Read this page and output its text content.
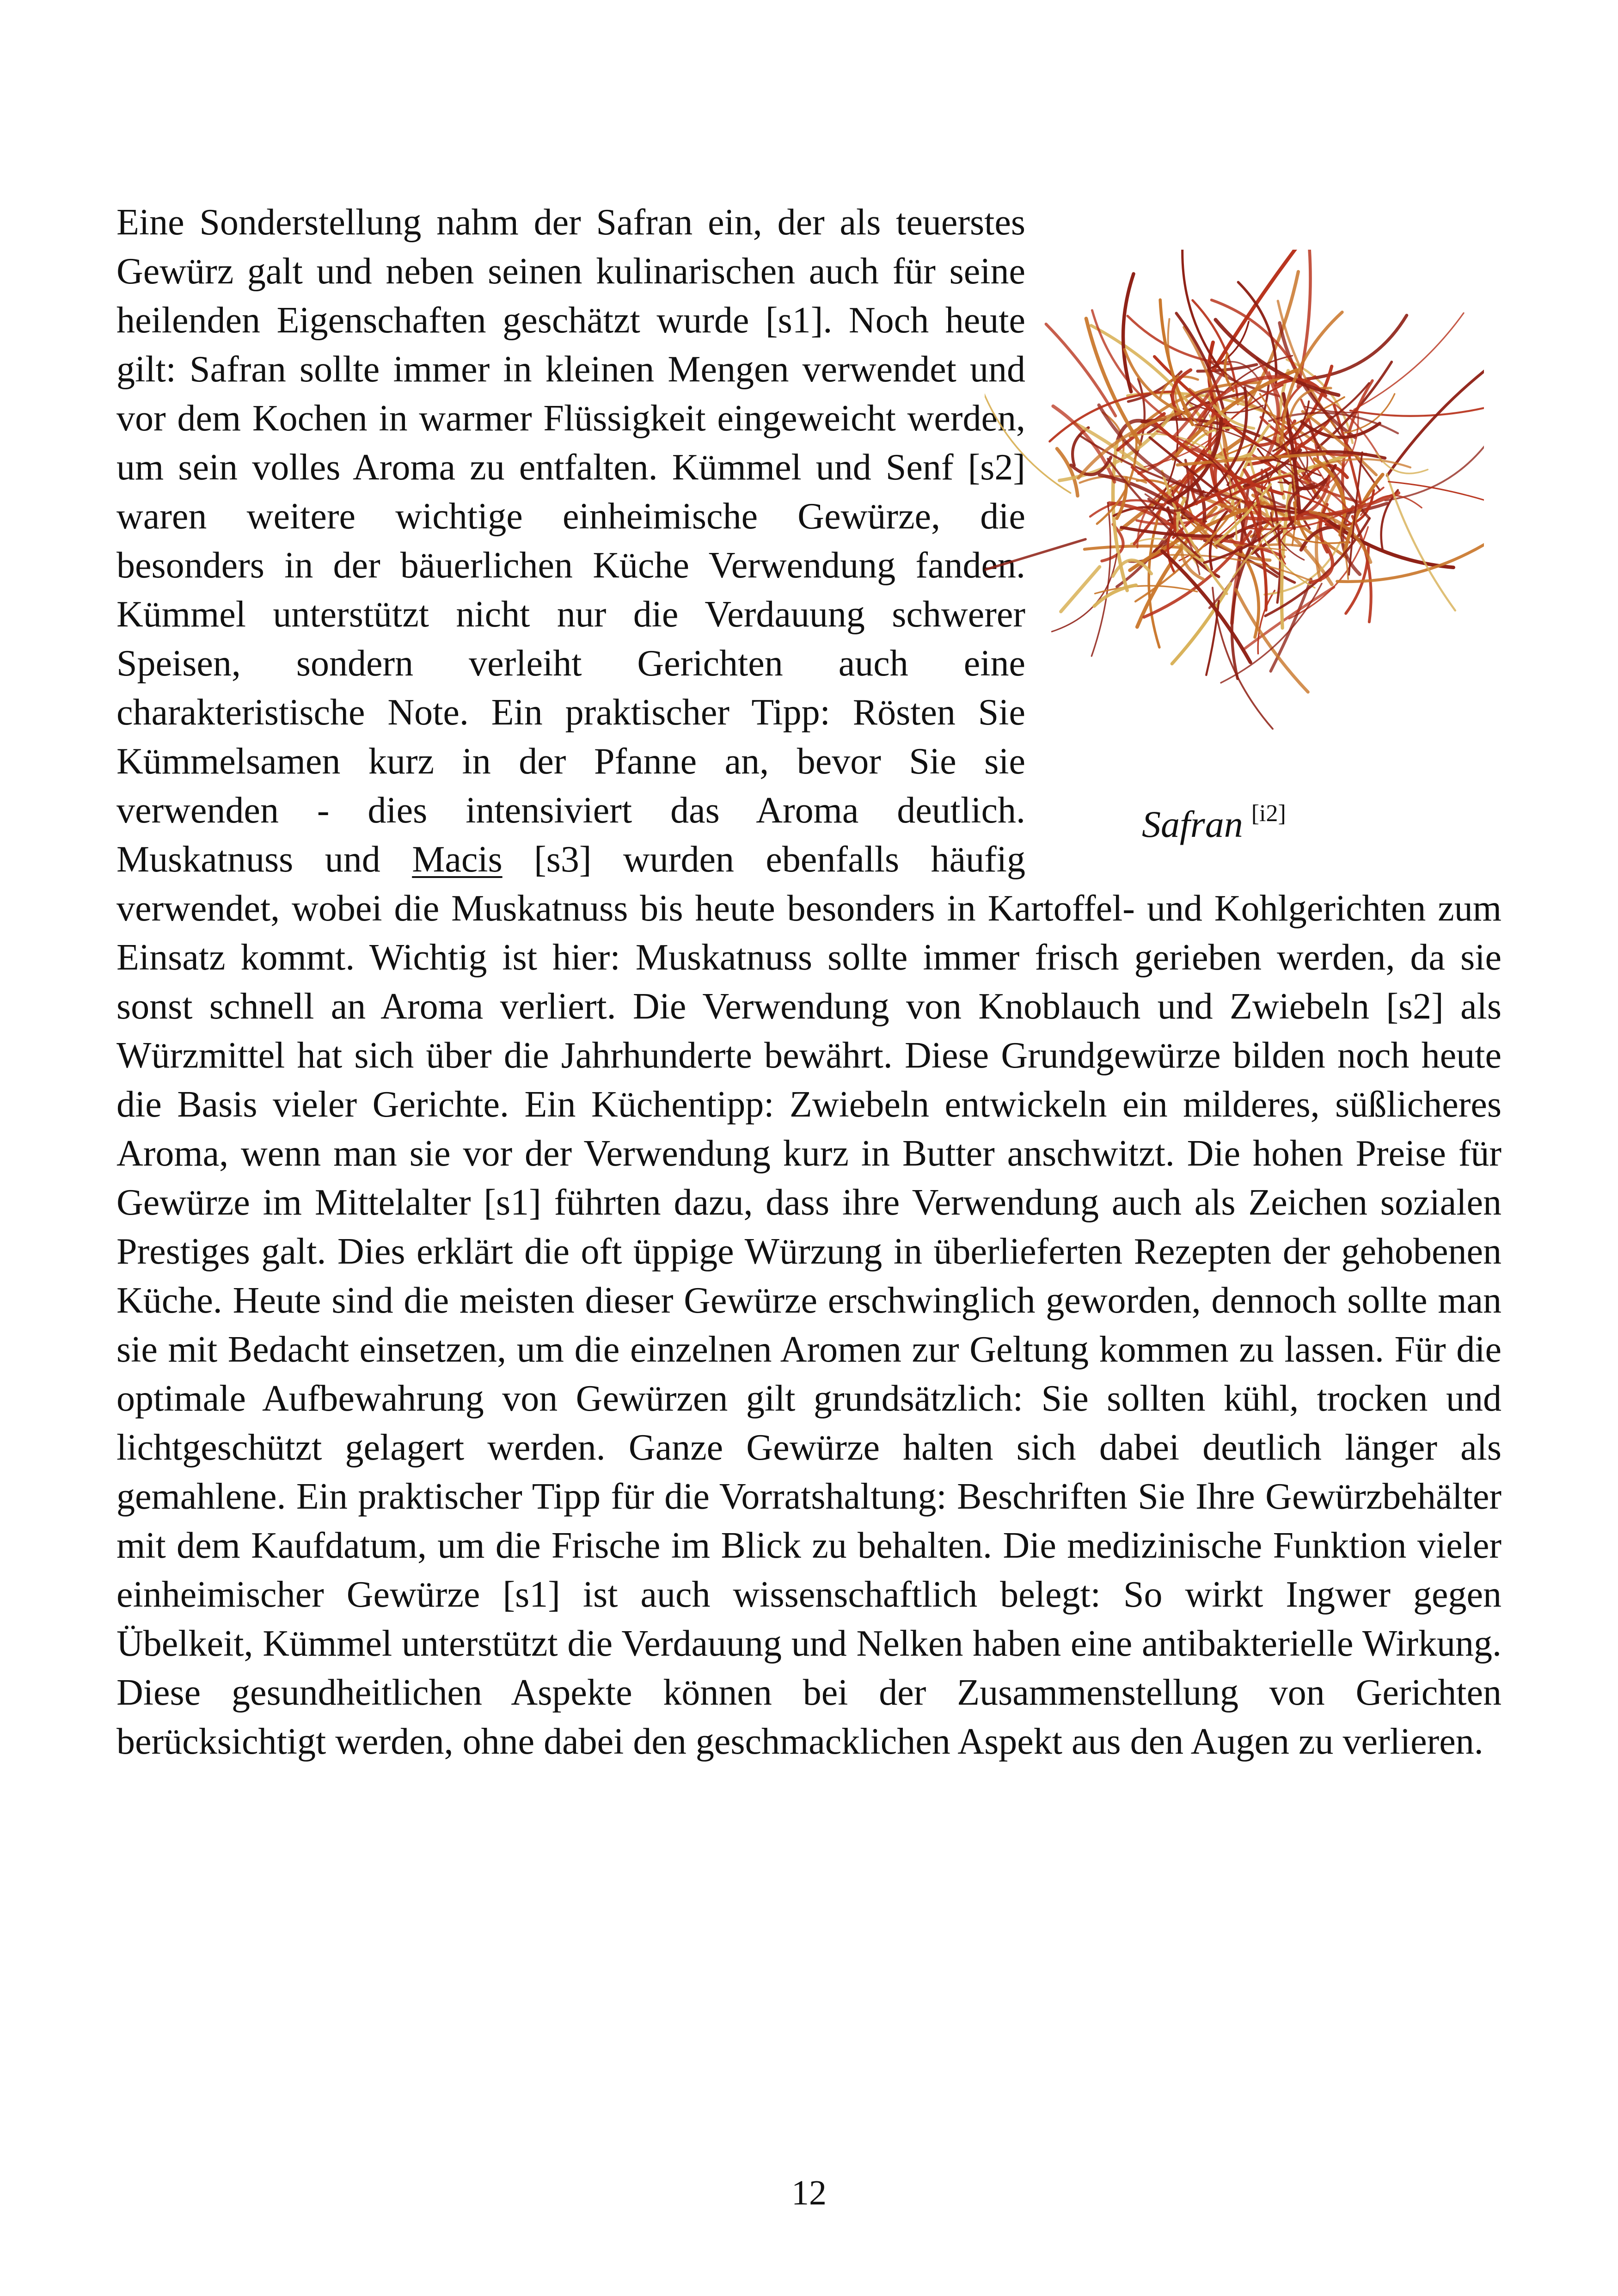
Eine Sonderstellung nahm der Safran ein, der als teuerstes Gewürz galt und neben seinen kulinarischen auch für seine heilenden Eigenschaften geschätzt wurde [s1]. Noch heute gilt: Safran sollte immer in kleinen Mengen verwendet und vor dem Kochen in warmer Flüssigkeit eingeweicht werden, um sein volles Aroma zu entfalten. Kümmel und Senf [s2] waren weitere wichtige einheimische Gewürze, die besonders in der bäuerlichen Küche Verwendung fanden. Kümmel unterstützt nicht nur die Verdauung schwerer Speisen, sondern verleiht Gerichten auch eine charakteristische Note. Ein praktischer Tipp: Rösten Sie Kümmelsamen kurz in der Pfanne an, bevor Sie sie verwenden - dies intensiviert das Aroma deutlich. Muskatnuss und Macis [s3] wurden ebenfalls häufig verwendet, wobei die Muskatnuss bis heute besonders in Kartoffel- und Kohlgerichten zum Einsatz kommt. Wichtig ist hier: Muskatnuss sollte immer frisch gerieben werden, da sie sonst schnell an Aroma verliert. Die Verwendung von Knoblauch und Zwiebeln [s2] als Würzmittel hat sich über die Jahrhunderte bewährt. Diese Grundgewürze bilden noch heute die Basis vieler Gerichte. Ein Küchentipp: Zwiebeln entwickeln ein milderes, süßlicheres Aroma, wenn man sie vor der Verwendung kurz in Butter anschwitzt. Die hohen Preise für Gewürze im Mittelalter [s1] führten dazu, dass ihre Verwendung auch als Zeichen sozialen Prestiges galt. Dies erklärt die oft üppige Würzung in überlieferten Rezepten der gehobenen Küche. Heute sind die meisten dieser Gewürze erschwinglich geworden, dennoch sollte man sie mit Bedacht einsetzen, um die einzelnen Aromen zur Geltung kommen zu lassen. Für die optimale Aufbewahrung von Gewürzen gilt grundsätzlich: Sie sollten kühl, trocken und lichtgeschützt gelagert werden. Ganze Gewürze halten sich dabei deutlich länger als gemahlene. Ein praktischer Tipp für die Vorratshaltung: Beschriften Sie Ihre Gewürzbehälter mit dem Kaufdatum, um die Frische im Blick zu behalten. Die medizinische Funktion vieler einheimischer Gewürze [s1] ist auch wissenschaftlich belegt: So wirkt Ingwer gegen Übelkeit, Kümmel unterstützt die Verdauung und Nelken haben eine antibakterielle Wirkung. Diese gesundheitlichen Aspekte können bei der Zusammenstellung von Gerichten berücksichtigt werden, ohne dabei den geschmacklichen Aspekt aus den Augen zu verlieren.

Safran [i2]
12
